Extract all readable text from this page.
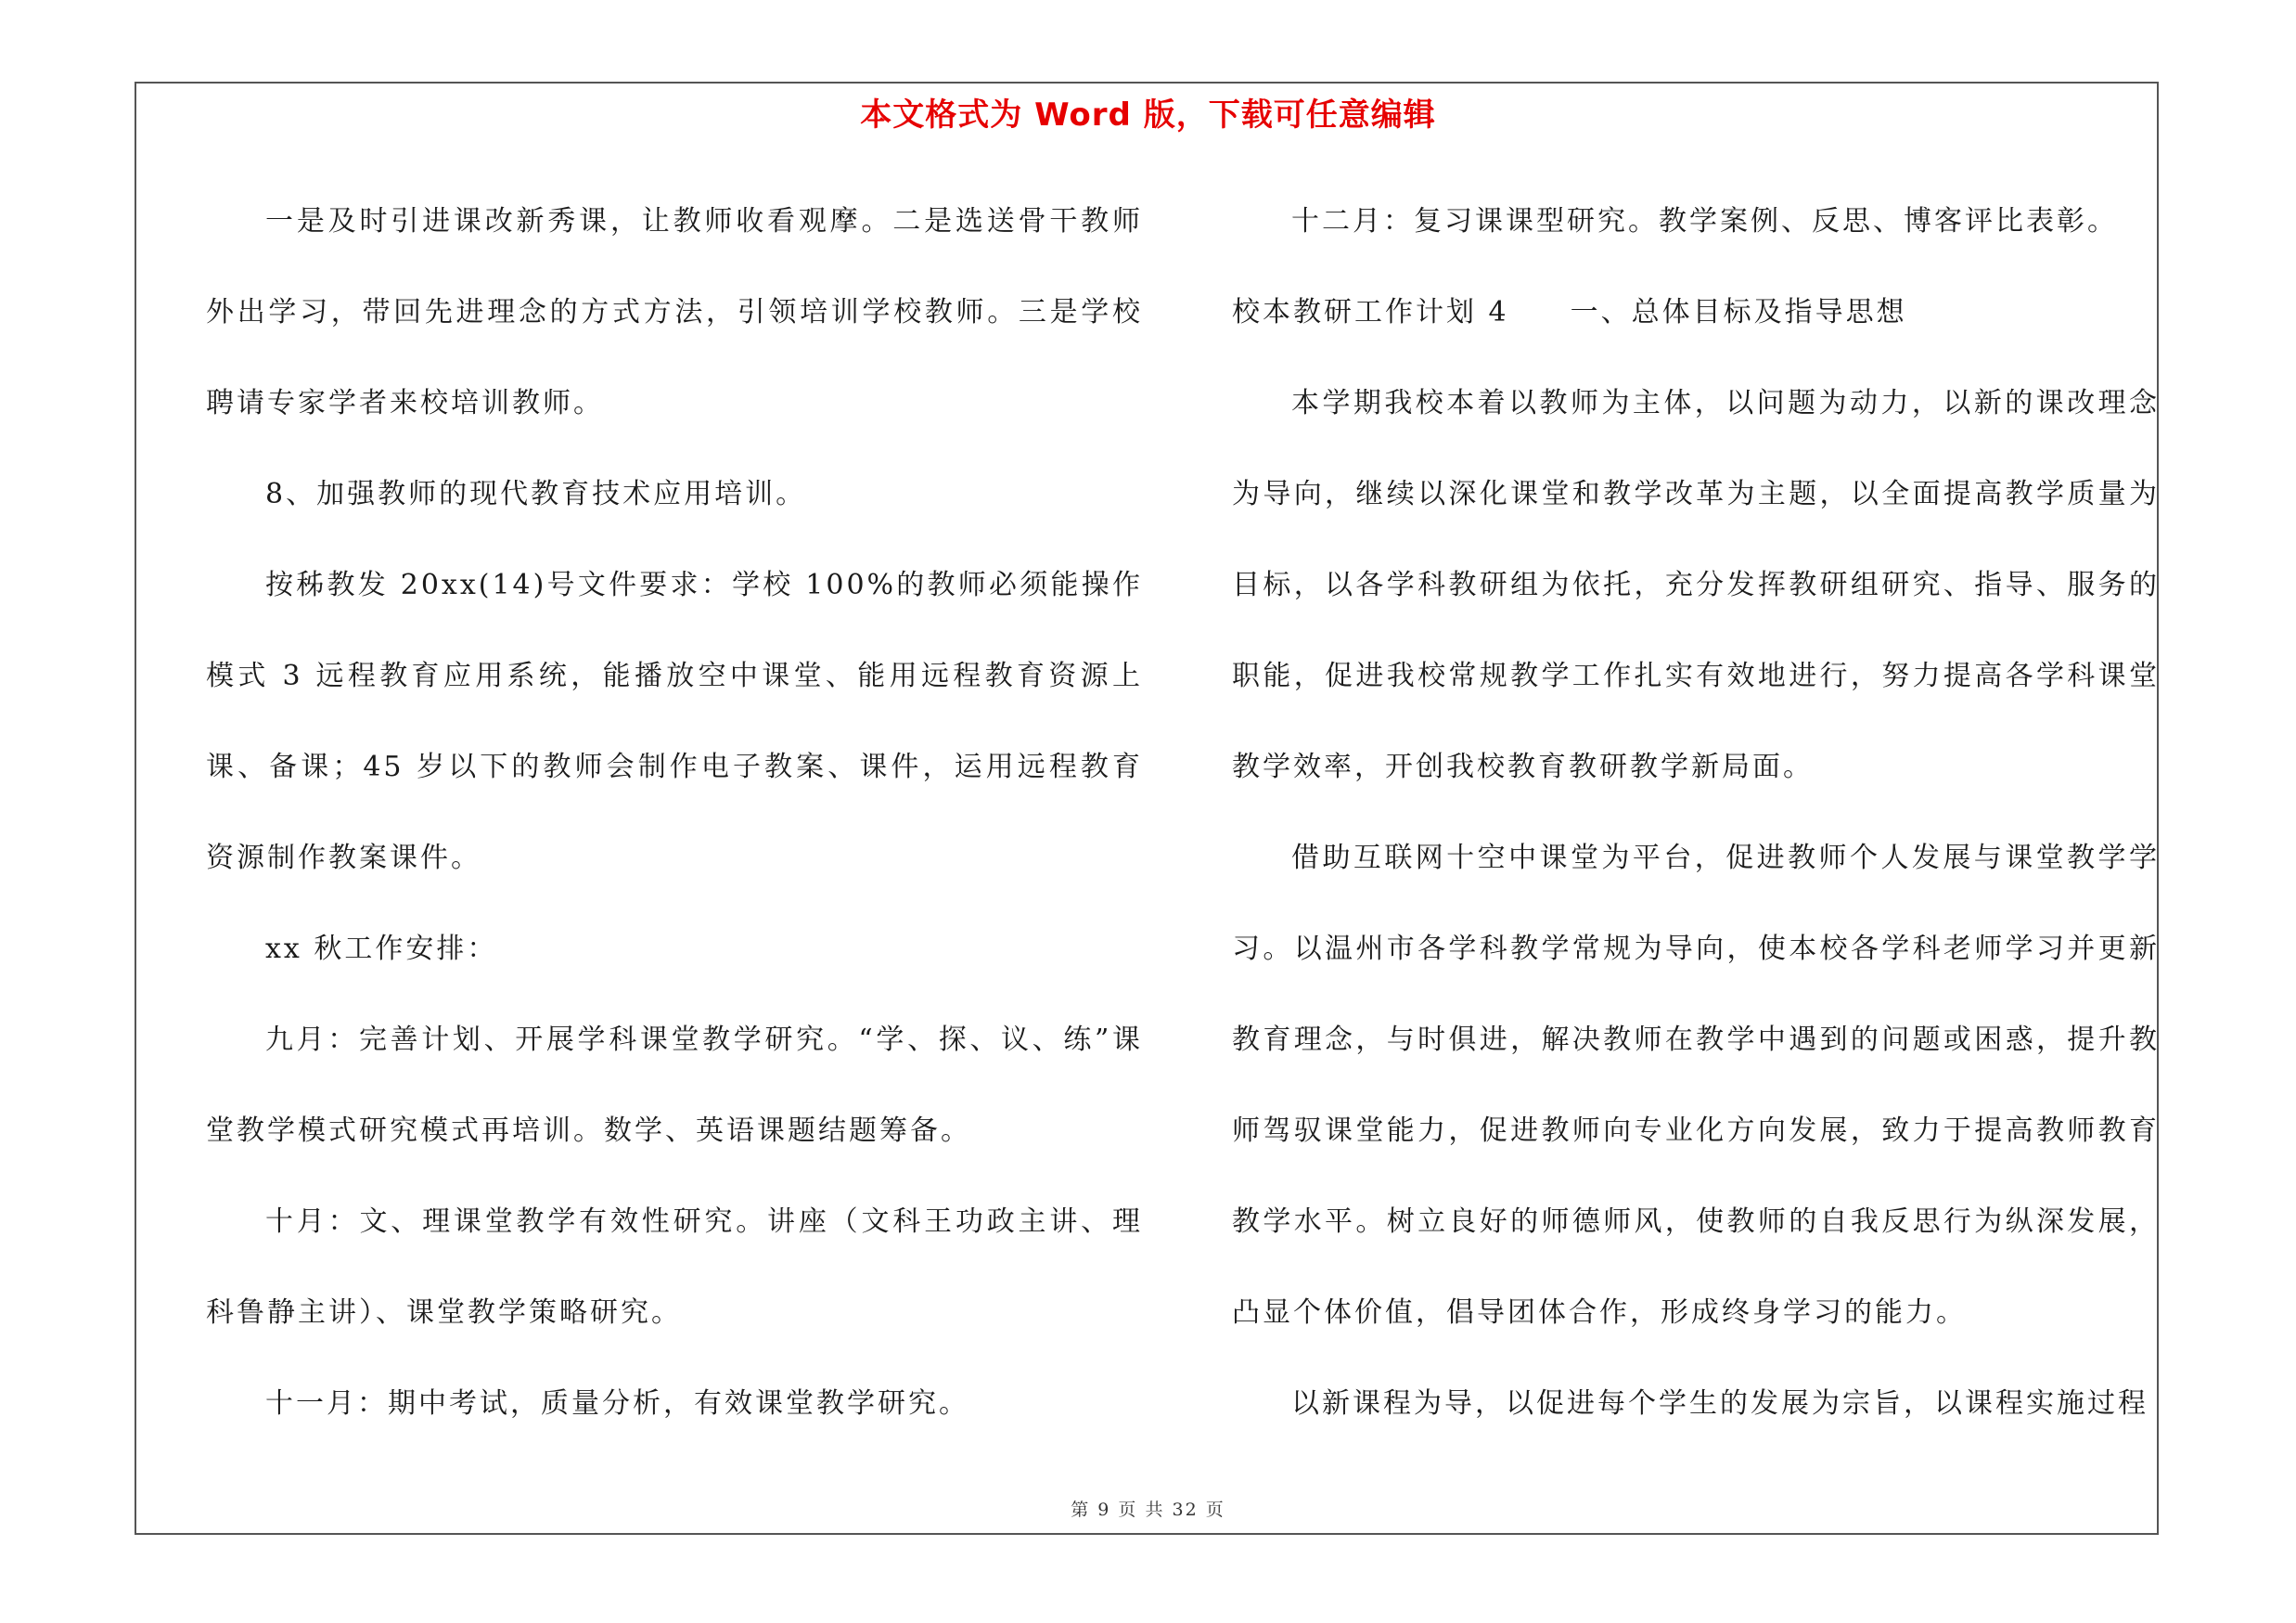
本文格式为 Word 版，下载可任意编辑

一是及时引进课改新秀课，让教师收看观摩。二是选送骨干教师外出学习，带回先进理念的方式方法，引领培训学校教师。三是学校聘请专家学者来校培训教师。

8、加强教师的现代教育技术应用培训。

按秭教发 20xx(14)号文件要求：学校 100%的教师必须能操作模式 3 远程教育应用系统，能播放空中课堂、能用远程教育资源上课、备课；45 岁以下的教师会制作电子教案、课件，运用远程教育资源制作教案课件。

xx 秋工作安排：

九月：完善计划、开展学科课堂教学研究。“学、探、议、练”课堂教学模式研究模式再培训。数学、英语课题结题筹备。

十月：文、理课堂教学有效性研究。讲座（文科王功政主讲、理科鲁静主讲）、课堂教学策略研究。

十一月：期中考试，质量分析，有效课堂教学研究。

十二月：复习课课型研究。教学案例、反思、博客评比表彰。

校本教研工作计划 4　　一、总体目标及指导思想

本学期我校本着以教师为主体，以问题为动力，以新的课改理念为导向，继续以深化课堂和教学改革为主题，以全面提高教学质量为目标，以各学科教研组为依托，充分发挥教研组研究、指导、服务的职能，促进我校常规教学工作扎实有效地进行，努力提高各学科课堂教学效率，开创我校教育教研教学新局面。

借助互联网十空中课堂为平台，促进教师个人发展与课堂教学学习。以温州市各学科教学常规为导向，使本校各学科老师学习并更新教育理念，与时俱进，解决教师在教学中遇到的问题或困惑，提升教师驾驭课堂能力，促进教师向专业化方向发展，致力于提高教师教育教学水平。树立良好的师德师风，使教师的自我反思行为纵深发展，凸显个体价值，倡导团体合作，形成终身学习的能力。

以新课程为导，以促进每个学生的发展为宗旨，以课程实施过程

第 9 页 共 32 页
